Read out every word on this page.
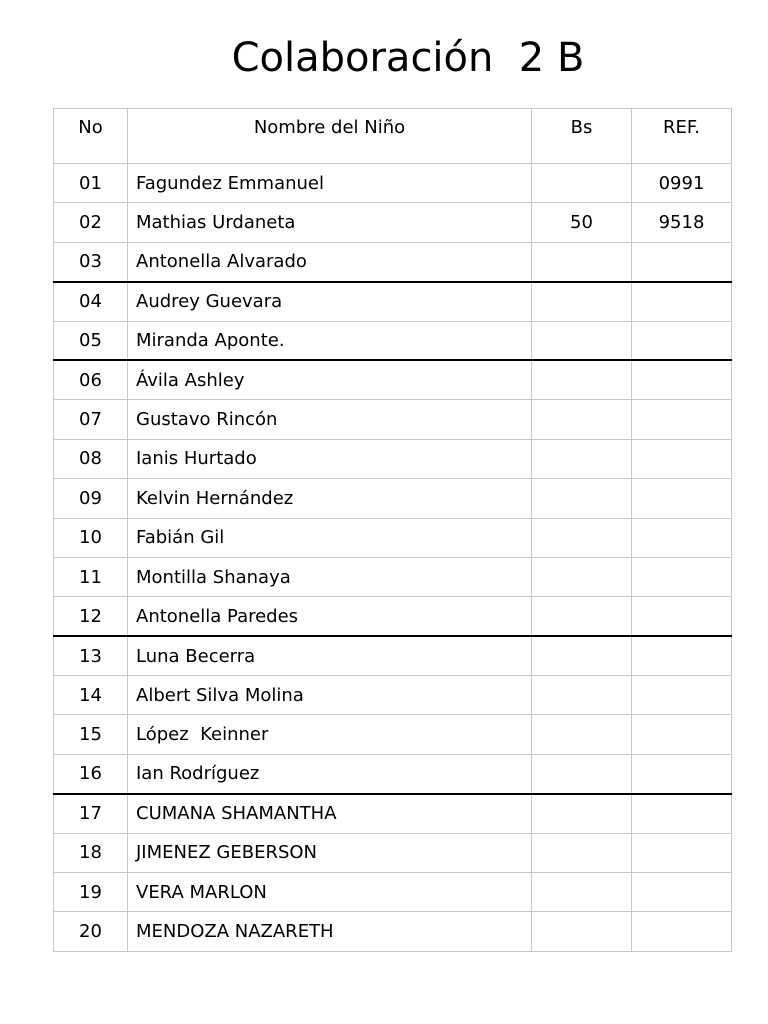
Colaboración  2 B
No	Nombre del Niño	Bs	REF.
01	Fagundez Emmanuel		0991
02	Mathias Urdaneta	50	9518
03	Antonella Alvarado		
04	Audrey Guevara		
05	Miranda Aponte.		
06	Ávila Ashley		
07	Gustavo Rincón		
08	Ianis Hurtado		
09	Kelvin Hernández		
10	Fabián Gil		
11	Montilla Shanaya		
12	Antonella Paredes		
13	Luna Becerra		
14	Albert Silva Molina		
15	López  Keinner		
16	Ian Rodríguez		
17	CUMANA SHAMANTHA		
18	JIMENEZ GEBERSON		
19	VERA MARLON		
20	MENDOZA NAZARETH		
